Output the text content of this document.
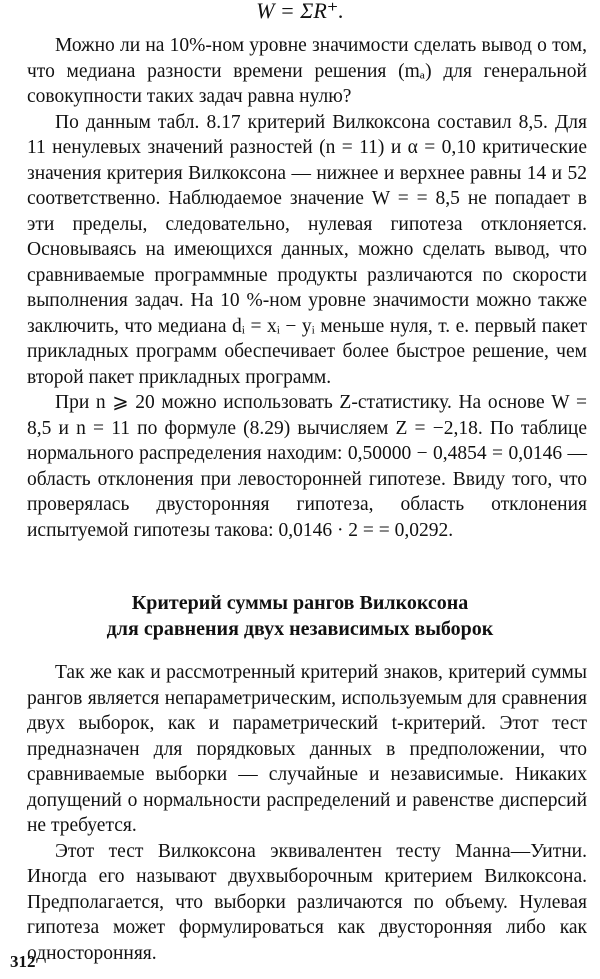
W = ΣR⁺.

Можно ли на 10%-ном уровне значимости сделать вывод о том, что медиана разности времени решения (mₐ) для генеральной совокупности таких задач равна нулю?

По данным табл. 8.17 критерий Вилкоксона составил 8,5. Для 11 ненулевых значений разностей (n = 11) и α = 0,10 критические значения критерия Вилкоксона — нижнее и верхнее равны 14 и 52 соответственно. Наблюдаемое значение W = = 8,5 не попадает в эти пределы, следовательно, нулевая гипотеза отклоняется. Основываясь на имеющихся данных, можно сделать вывод, что сравниваемые программные продукты различаются по скорости выполнения задач. На 10 %-ном уровне значимости можно также заключить, что медиана dᵢ = xᵢ − yᵢ меньше нуля, т. е. первый пакет прикладных программ обеспечивает более быстрое решение, чем второй пакет прикладных программ.

При n ⩾ 20 можно использовать Z-статистику. На основе W = 8,5 и n = 11 по формуле (8.29) вычисляем Z = −2,18. По таблице нормального распределения находим: 0,50000 − 0,4854 = 0,0146 — область отклонения при левосторонней гипотезе. Ввиду того, что проверялась двусторонняя гипотеза, область отклонения испытуемой гипотезы такова: 0,0146 · 2 = = 0,0292.

Критерий суммы рангов Вилкоксона
для сравнения двух независимых выборок

Так же как и рассмотренный критерий знаков, критерий суммы рангов является непараметрическим, используемым для сравнения двух выборок, как и параметрический t-критерий. Этот тест предназначен для порядковых данных в предположении, что сравниваемые выборки — случайные и независимые. Никаких допущений о нормальности распределений и равенстве дисперсий не требуется.

Этот тест Вилкоксона эквивалентен тесту Манна—Уитни. Иногда его называют двухвыборочным критерием Вилкоксона. Предполагается, что выборки различаются по объему. Нулевая гипотеза может формулироваться как двусторонняя либо как односторонняя.

312
